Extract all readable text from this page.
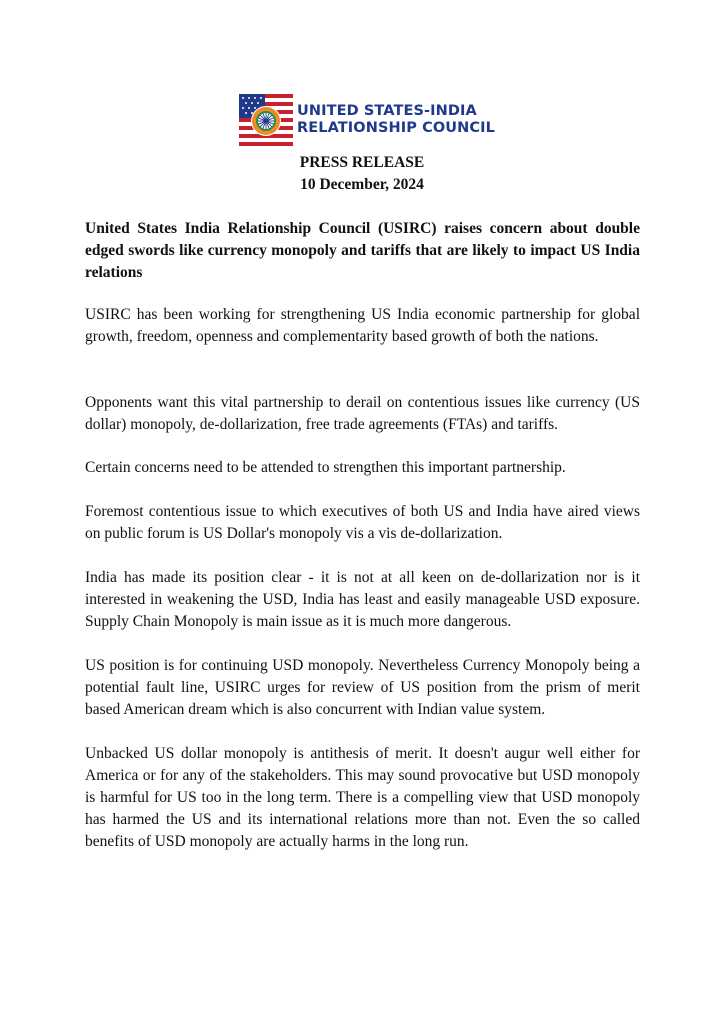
UNITED STATES-INDIA
RELATIONSHIP COUNCIL
PRESS RELEASE
10 December, 2024
United States India Relationship Council (USIRC) raises concern about double edged swords like currency monopoly and tariffs that are likely to impact US India relations

USIRC has been working for strengthening US India economic partnership for global growth, freedom, openness and complementarity based growth of both the nations.

Opponents want this vital partnership to derail on contentious issues like currency (US dollar) monopoly, de-dollarization, free trade agreements (FTAs) and tariffs.

Certain concerns need to be attended to strengthen this important partnership.

Foremost contentious issue to which executives of both US and India have aired views on public forum is US Dollar's monopoly vis a vis de-dollarization.

India has made its position clear - it is not at all keen on de-dollarization nor is it interested in weakening the USD, India has least and easily manageable USD exposure. Supply Chain Monopoly is main issue as it is much more dangerous.

US position is for continuing USD monopoly. Nevertheless Currency Monopoly being a potential fault line, USIRC urges for review of US position from the prism of merit based American dream which is also concurrent with Indian value system.

Unbacked US dollar monopoly is antithesis of merit. It doesn't augur well either for America or for any of the stakeholders. This may sound provocative but USD monopoly is harmful for US too in the long term. There is a compelling view that USD monopoly has harmed the US and its international relations more than not. Even the so called benefits of USD monopoly are actually harms in the long run.
